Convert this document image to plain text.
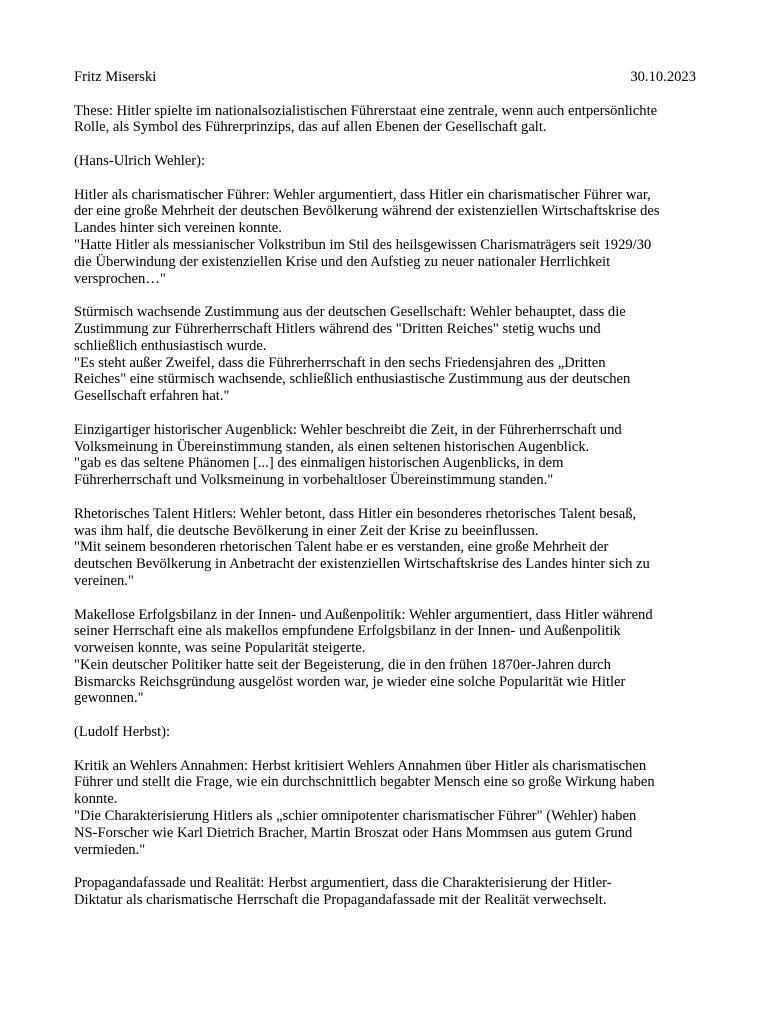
Fritz Miserski	30.10.2023
These: Hitler spielte im nationalsozialistischen Führerstaat eine zentrale, wenn auch entpersönlichte
Rolle, als Symbol des Führerprinzips, das auf allen Ebenen der Gesellschaft galt.
(Hans-Ulrich Wehler):
Hitler als charismatischer Führer: Wehler argumentiert, dass Hitler ein charismatischer Führer war,
der eine große Mehrheit der deutschen Bevölkerung während der existenziellen Wirtschaftskrise des
Landes hinter sich vereinen konnte.
"Hatte Hitler als messianischer Volkstribun im Stil des heilsgewissen Charismaträgers seit 1929/30
die Überwindung der existenziellen Krise und den Aufstieg zu neuer nationaler Herrlichkeit
versprochen…"
Stürmisch wachsende Zustimmung aus der deutschen Gesellschaft: Wehler behauptet, dass die
Zustimmung zur Führerherrschaft Hitlers während des "Dritten Reiches" stetig wuchs und
schließlich enthusiastisch wurde.
"Es steht außer Zweifel, dass die Führerherrschaft in den sechs Friedensjahren des „Dritten
Reiches" eine stürmisch wachsende, schließlich enthusiastische Zustimmung aus der deutschen
Gesellschaft erfahren hat."
Einzigartiger historischer Augenblick: Wehler beschreibt die Zeit, in der Führerherrschaft und
Volksmeinung in Übereinstimmung standen, als einen seltenen historischen Augenblick.
"gab es das seltene Phänomen [...] des einmaligen historischen Augenblicks, in dem
Führerherrschaft und Volksmeinung in vorbehaltloser Übereinstimmung standen."
Rhetorisches Talent Hitlers: Wehler betont, dass Hitler ein besonderes rhetorisches Talent besaß,
was ihm half, die deutsche Bevölkerung in einer Zeit der Krise zu beeinflussen.
"Mit seinem besonderen rhetorischen Talent habe er es verstanden, eine große Mehrheit der
deutschen Bevölkerung in Anbetracht der existenziellen Wirtschaftskrise des Landes hinter sich zu
vereinen."
Makellose Erfolgsbilanz in der Innen- und Außenpolitik: Wehler argumentiert, dass Hitler während
seiner Herrschaft eine als makellos empfundene Erfolgsbilanz in der Innen- und Außenpolitik
vorweisen konnte, was seine Popularität steigerte.
"Kein deutscher Politiker hatte seit der Begeisterung, die in den frühen 1870er-Jahren durch
Bismarcks Reichsgründung ausgelöst worden war, je wieder eine solche Popularität wie Hitler
gewonnen."
(Ludolf Herbst):
Kritik an Wehlers Annahmen: Herbst kritisiert Wehlers Annahmen über Hitler als charismatischen
Führer und stellt die Frage, wie ein durchschnittlich begabter Mensch eine so große Wirkung haben
konnte.
"Die Charakterisierung Hitlers als „schier omnipotenter charismatischer Führer" (Wehler) haben
NS-Forscher wie Karl Dietrich Bracher, Martin Broszat oder Hans Mommsen aus gutem Grund
vermieden."
Propagandafassade und Realität: Herbst argumentiert, dass die Charakterisierung der Hitler-
Diktatur als charismatische Herrschaft die Propagandafassade mit der Realität verwechselt.
